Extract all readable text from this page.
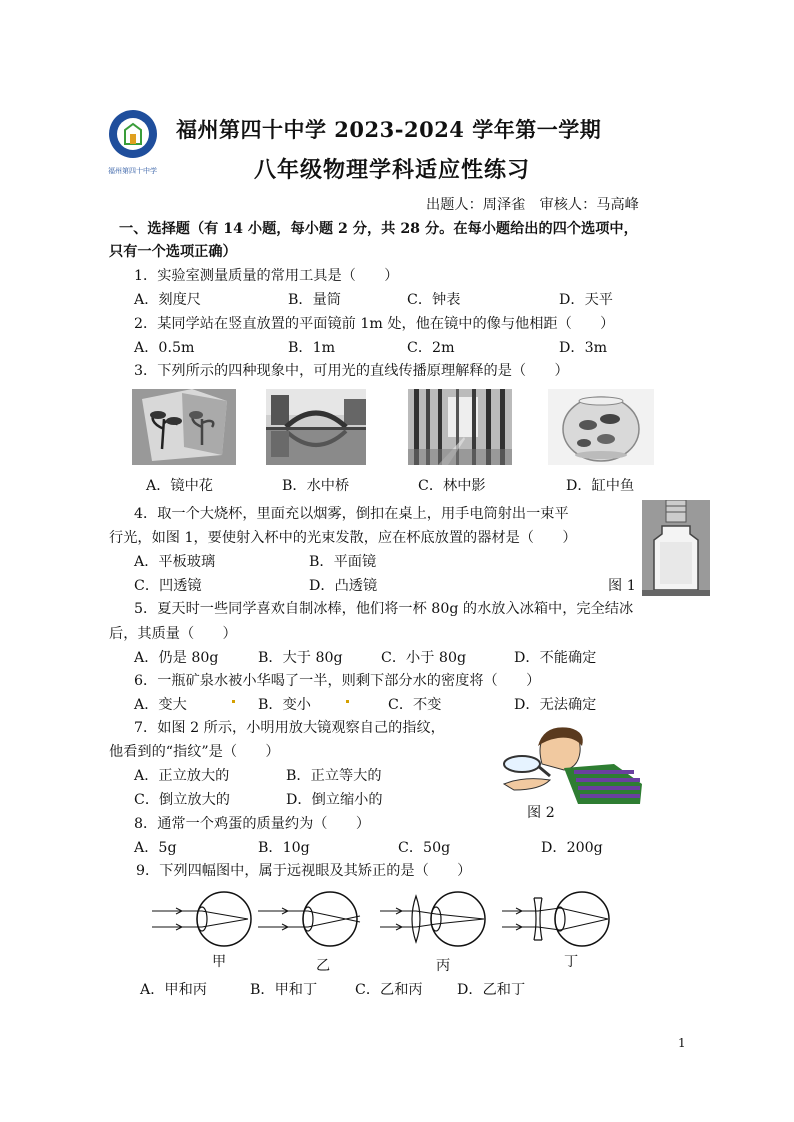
福州第四十中学
福州第四十中学 2023-2024 学年第一学期
八年级物理学科适应性练习
出题人：周泽雀　审核人：马高峰
一、选择题（有 14 小题，每小题 2 分，共 28 分。在每小题给出的四个选项中，
只有一个选项正确）
1．实验室测量质量的常用工具是（　　）
A．刻度尺	B．量筒	C．钟表	D．天平
2．某同学站在竖直放置的平面镜前 1m 处，他在镜中的像与他相距（　　）
A．0.5m	B．1m	C．2m	D．3m
3．下列所示的四种现象中，可用光的直线传播原理解释的是（　　）
A．镜中花	B．水中桥	C．林中影	D．缸中鱼
4．取一个大烧杯，里面充以烟雾，倒扣在桌上，用手电筒射出一束平
行光，如图 1，要使射入杯中的光束发散，应在杯底放置的器材是（　　）
A．平板玻璃	B．平面镜
C．凹透镜	D．凸透镜	图 1
5．夏天时一些同学喜欢自制冰棒，他们将一杯 80g 的水放入冰箱中，完全结冰
后，其质量（　　）
A．仍是 80g	B．大于 80g	C．小于 80g	D．不能确定
6．一瓶矿泉水被小华喝了一半，则剩下部分水的密度将（　　）
A．变大	B．变小	C．不变	D．无法确定
7．如图 2 所示，小明用放大镜观察自己的指纹，
他看到的“指纹”是（　　）
A．正立放大的	B．正立等大的
C．倒立放大的	D．倒立缩小的
图 2
8．通常一个鸡蛋的质量约为（　　）
A．5g	B．10g	C．50g	D．200g
9．下列四幅图中，属于远视眼及其矫正的是（　　）
甲	乙	丙	丁
A．甲和丙	B．甲和丁	C．乙和丙 D．乙和丁
1
